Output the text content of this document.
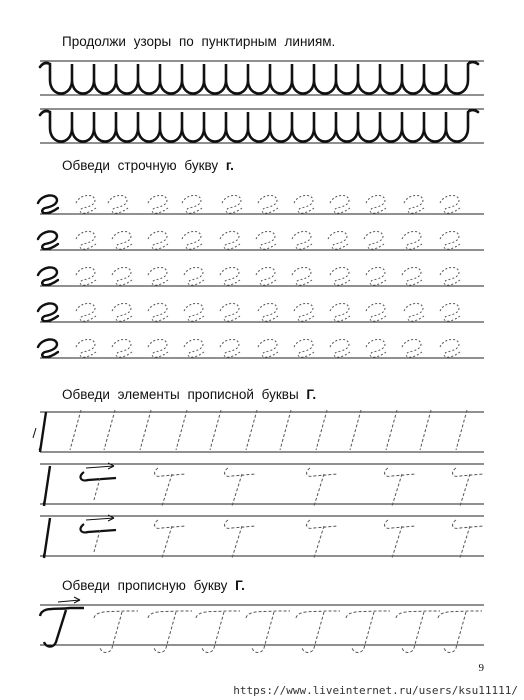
Продолжи узоры по пунктирным линиям.
Обведи строчную букву г.
Обведи элементы прописной буквы Г.
Обведи прописную букву Г.
9
https://www.liveinternet.ru/users/ksu11111/
